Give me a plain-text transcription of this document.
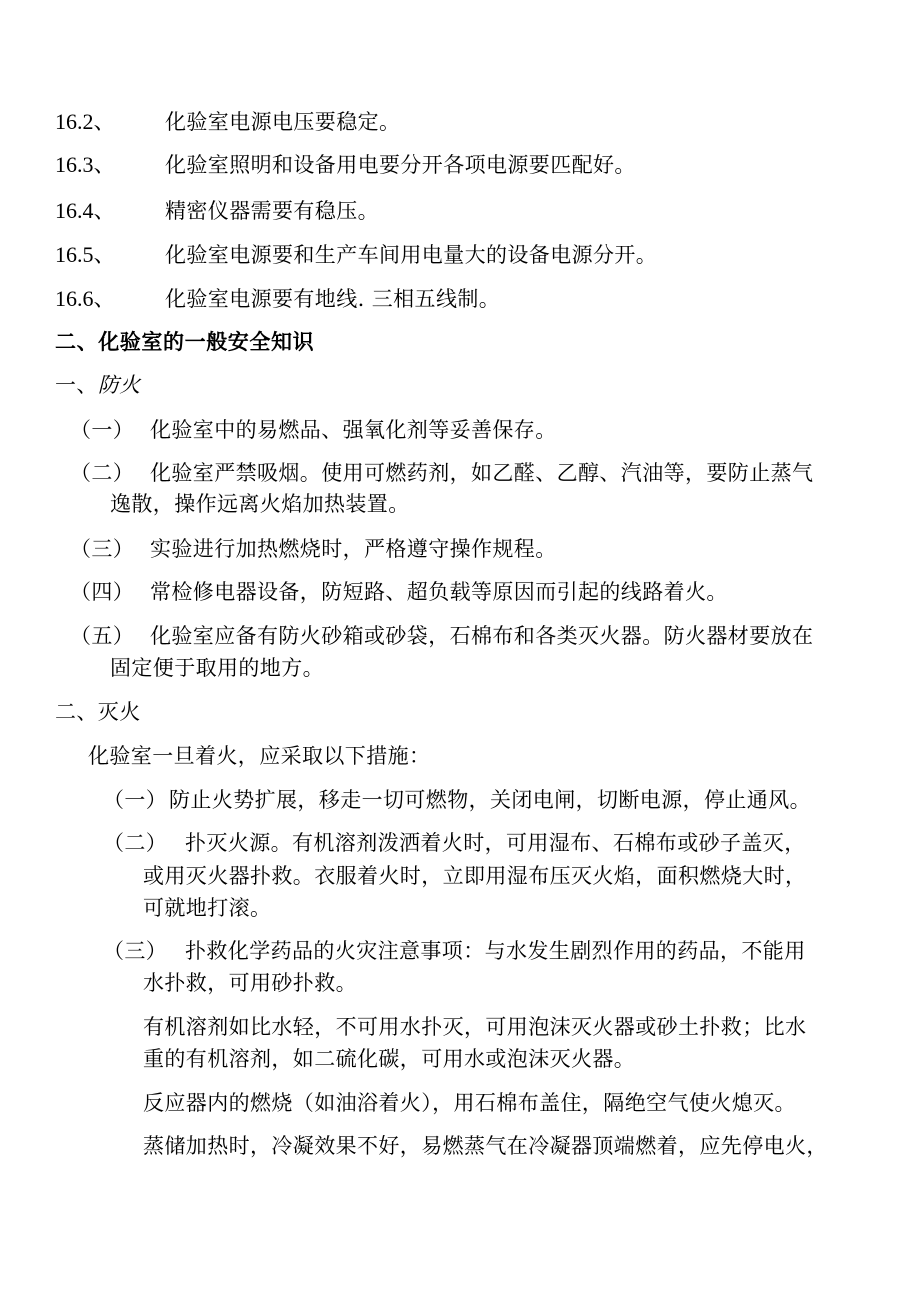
16.2、 化验室电源电压要稳定。
16.3、 化验室照明和设备用电要分开各项电源要匹配好。
16.4、 精密仪器需要有稳压。
16.5、 化验室电源要和生产车间用电量大的设备电源分开。
16.6、 化验室电源要有地线. 三相五线制。
二、化验室的一般安全知识
一、防火
（一） 化验室中的易燃品、强氧化剂等妥善保存。
（二） 化验室严禁吸烟。使用可燃药剂，如乙醛、乙醇、汽油等，要防止蒸气
逸散，操作远离火焰加热装置。
（三） 实验进行加热燃烧时，严格遵守操作规程。
（四） 常检修电器设备，防短路、超负载等原因而引起的线路着火。
（五） 化验室应备有防火砂箱或砂袋，石棉布和各类灭火器。防火器材要放在
固定便于取用的地方。
二、灭火
化验室一旦着火，应采取以下措施：
（一） 防止火势扩展，移走一切可燃物，关闭电闸，切断电源，停止通风。
（二） 扑灭火源。有机溶剂泼洒着火时，可用湿布、石棉布或砂子盖灭，
或用灭火器扑救。衣服着火时，立即用湿布压灭火焰，面积燃烧大时，
可就地打滚。
（三） 扑救化学药品的火灾注意事项：与水发生剧烈作用的药品，不能用
水扑救，可用砂扑救。
有机溶剂如比水轻，不可用水扑灭，可用泡沫灭火器或砂土扑救；比水
重的有机溶剂，如二硫化碳，可用水或泡沫灭火器。
反应器内的燃烧（如油浴着火），用石棉布盖住，隔绝空气使火熄灭。
蒸储加热时，冷凝效果不好，易燃蒸气在冷凝器顶端燃着，应先停电火，
